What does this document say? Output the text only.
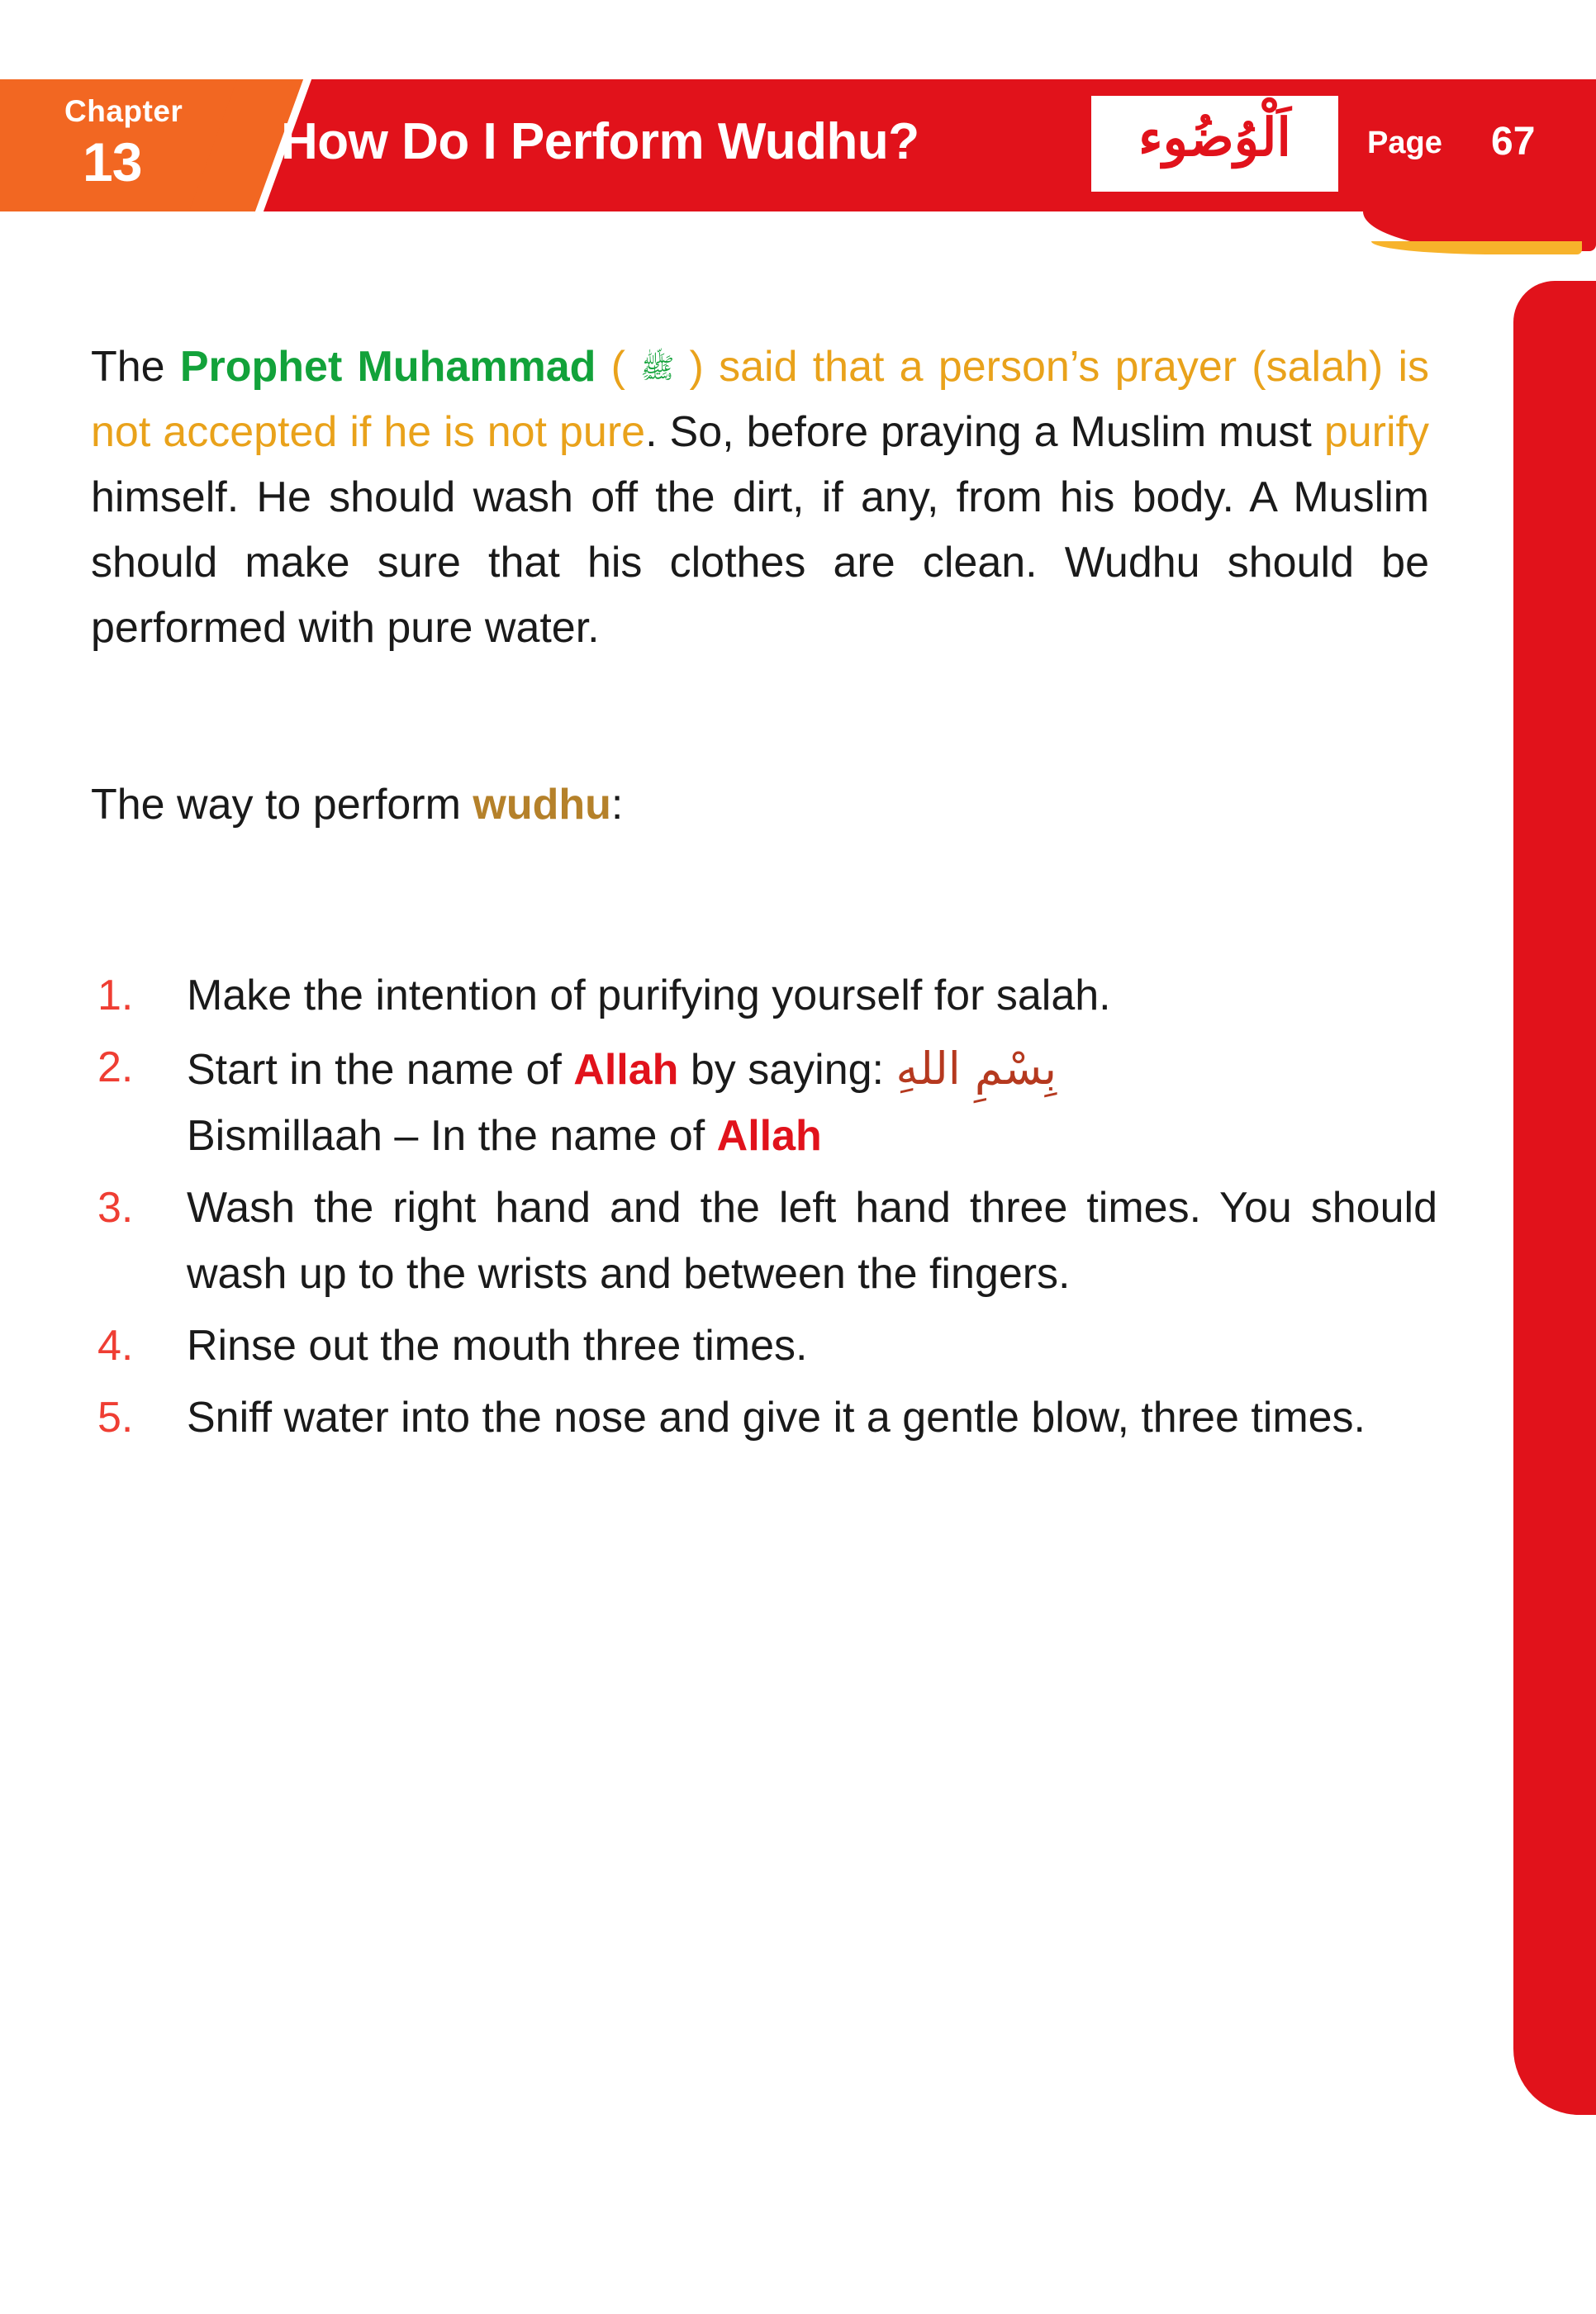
Chapter
13	How Do I Perform Wudhu?	اَلْوُضُوء	Page 67

The Prophet Muhammad ( ﷺ ) said that a person’s prayer (salah) is not accepted if he is not pure. So, before praying a Muslim must purify himself. He should wash off the dirt, if any, from his body. A Muslim should make sure that his clothes are clean. Wudhu should be performed with pure water.

The way to perform wudhu:

1.	Make the intention of purifying yourself for salah.
2.	Start in the name of Allah by saying: بِسْمِ اللهِ
Bismillaah – In the name of Allah
3.	Wash the right hand and the left hand three times. You should wash up to the wrists and between the fingers.
4.	Rinse out the mouth three times.
5.	Sniff water into the nose and give it a gentle blow, three times.
